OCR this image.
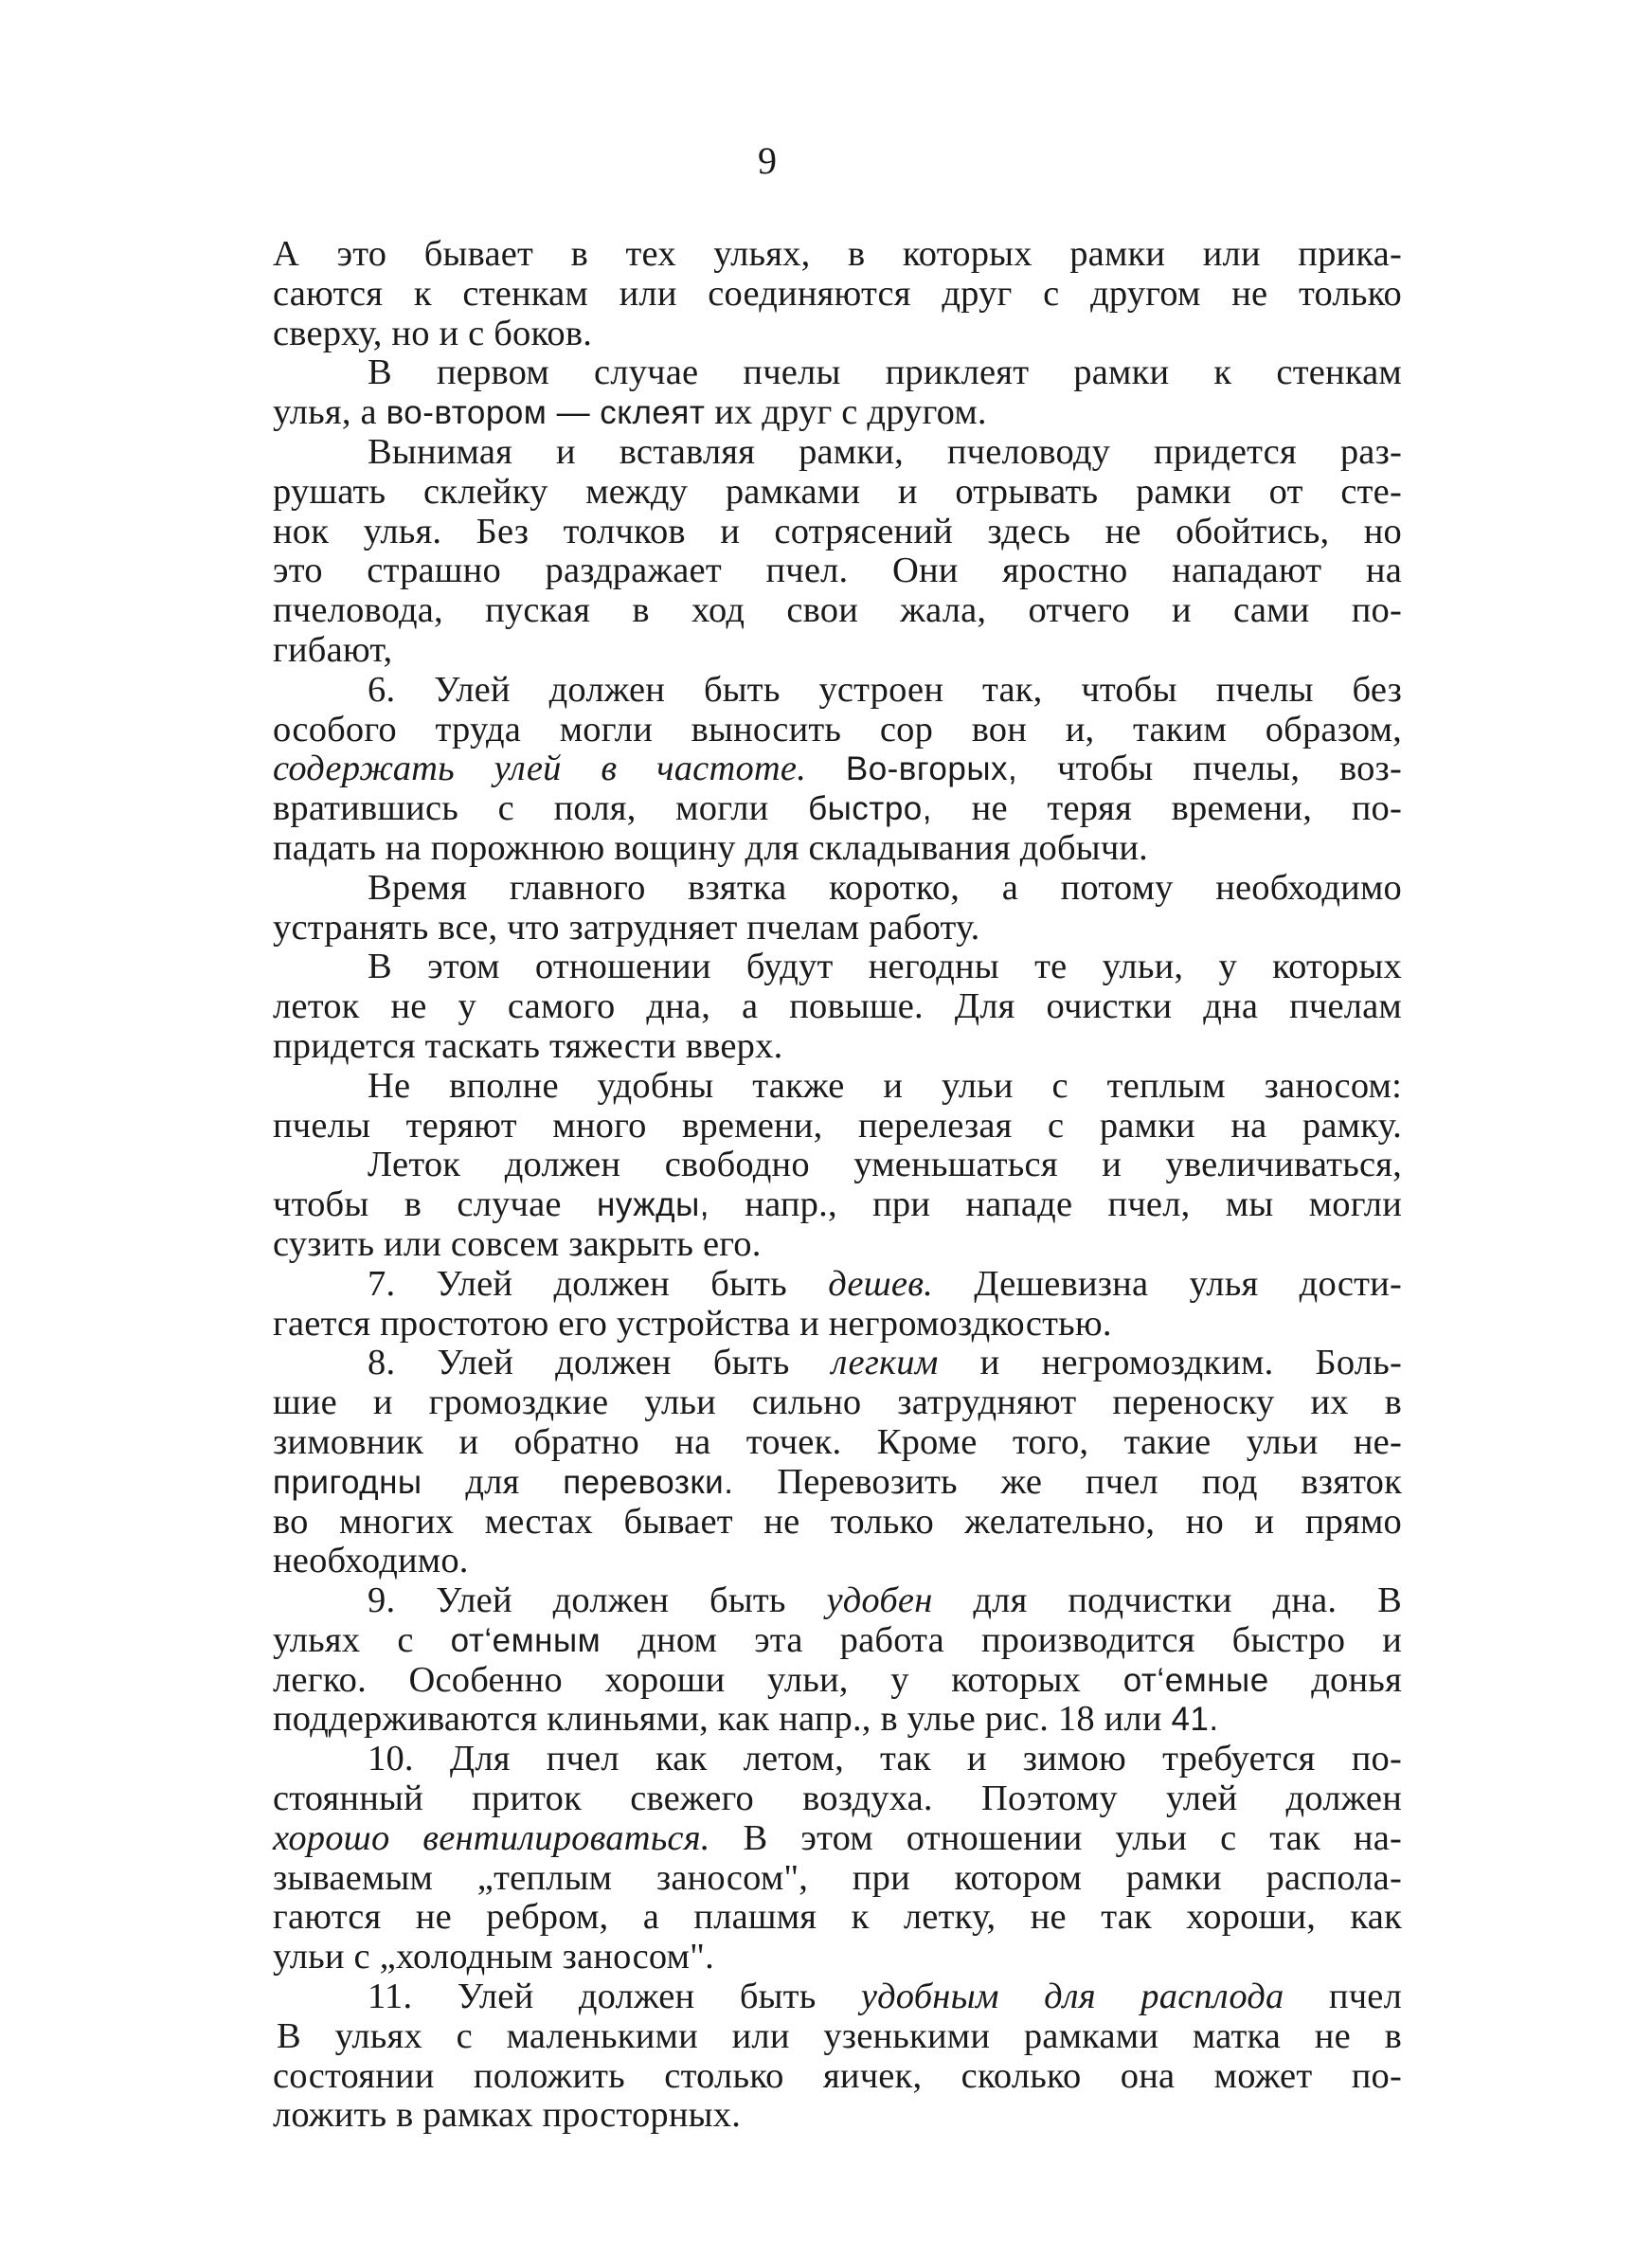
9
А это бывает в тех ульях, в которых рамки или прика-
саются к стенкам или соединяются друг с другом не только
сверху, но и с боков.
В первом случае пчелы приклеят рамки к стенкам
улья, а во-втором — склеят их друг с другом.
Вынимая и вставляя рамки, пчеловоду придется раз-
рушать склейку между рамками и отрывать рамки от сте-
нок улья. Без толчков и сотрясений здесь не обойтись, но
это страшно раздражает пчел. Они яростно нападают на
пчеловода, пуская в ход свои жала, отчего и сами по-
гибают,
6. Улей должен быть устроен так, чтобы пчелы без
особого труда могли выносить сор вон и, таким образом,
содержать улей в частоте. Во-вгорых, чтобы пчелы, воз-
вратившись с поля, могли быстро, не теряя времени, по-
падать на порожнюю вощину для складывания добычи.
Время главного взятка коротко, а потому необходимо
устранять все, что затрудняет пчелам работу.
В этом отношении будут негодны те ульи, у которых
леток не у самого дна, а повыше. Для очистки дна пчелам
придется таскать тяжести вверх.
Не вполне удобны также и ульи с теплым заносом:
пчелы теряют много времени, перелезая с рамки на рамку.
Леток должен свободно уменьшаться и увеличиваться,
чтобы в случае нужды, напр., при нападе пчел, мы могли
сузить или совсем закрыть его.
7. Улей должен быть дешев. Дешевизна улья дости-
гается простотою его устройства и негромоздкостью.
8. Улей должен быть легким и негромоздким. Боль-
шие и громоздкие ульи сильно затрудняют переноску их в
зимовник и обратно на точек. Кроме того, такие ульи не-
пригодны для перевозки. Перевозить же пчел под взяток
во многих местах бывает не только желательно, но и прямо
необходимо.
9. Улей должен быть удобен для подчистки дна. В
ульях с от‘емным дном эта работа производится быстро и
легко. Особенно хороши ульи, у которых от‘емные донья
поддерживаются клиньями, как напр., в улье рис. 18 или 41.
10. Для пчел как летом, так и зимою требуется по-
стоянный приток свежего воздуха. Поэтому улей должен
хорошо вентилироваться. В этом отношении ульи с так на-
зываемым „теплым заносом", при котором рамки распола-
гаются не ребром, а плашмя к летку, не так хороши, как
ульи с „холодным заносом".
11. Улей должен быть удобным для расплода пчел
В ульях с маленькими или узенькими рамками матка не в
состоянии положить столько яичек, сколько она может по-
ложить в рамках просторных.
